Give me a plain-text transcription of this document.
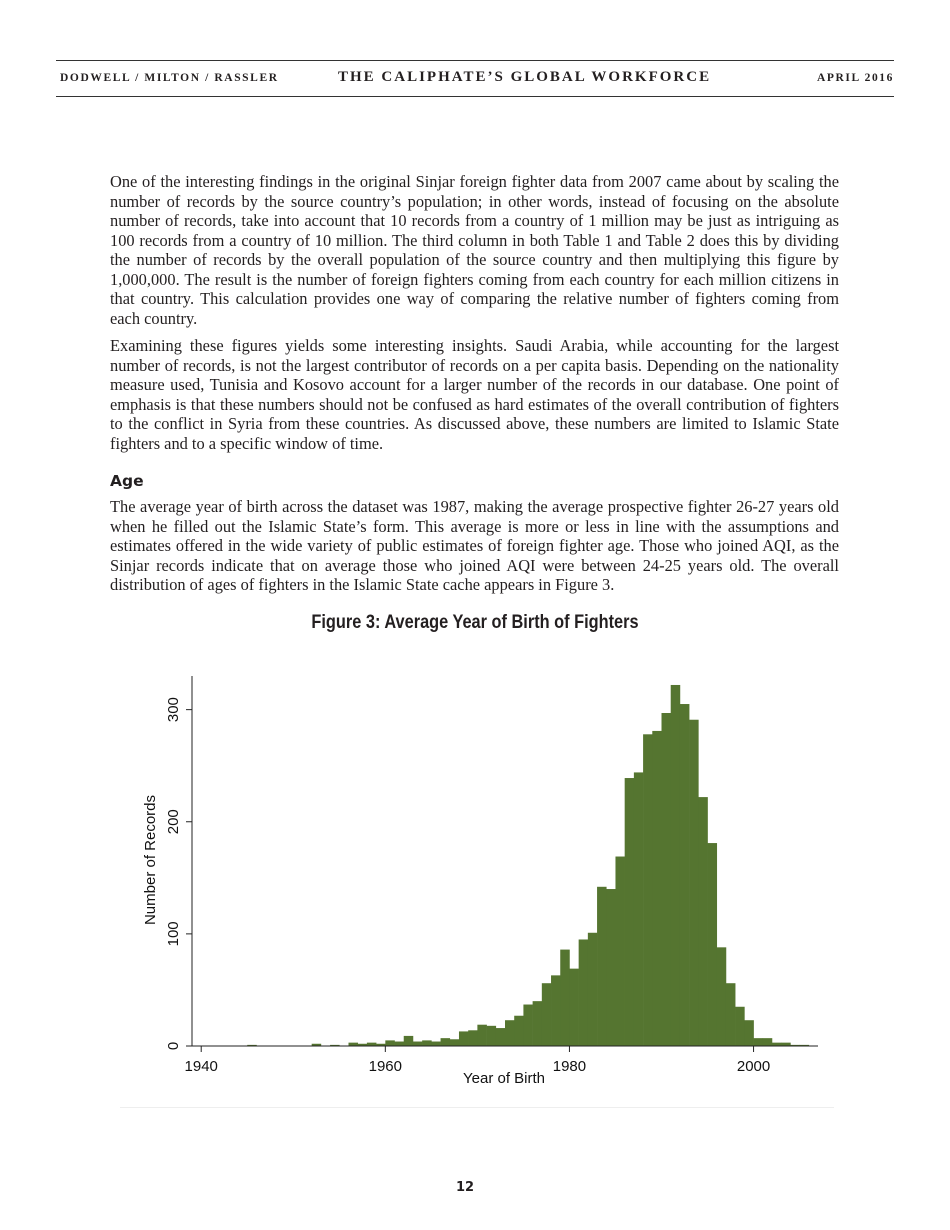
DODWELL / MILTON / RASSLER	THE CALIPHATE’S GLOBAL WORKFORCE	APRIL 2016

One of the interesting findings in the original Sinjar foreign fighter data from 2007 came about by scaling the number of records by the source country’s population; in other words, instead of focusing on the absolute number of records, take into account that 10 records from a country of 1 million may be just as intriguing as 100 records from a country of 10 million. The third column in both Table 1 and Table 2 does this by dividing the number of records by the overall population of the source country and then multiplying this figure by 1,000,000. The result is the number of foreign fighters coming from each country for each million citizens in that country. This calculation provides one way of comparing the relative number of fighters coming from each country.

Examining these figures yields some interesting insights. Saudi Arabia, while accounting for the largest number of records, is not the largest contributor of records on a per capita basis. Depending on the nationality measure used, Tunisia and Kosovo account for a larger number of the records in our database. One point of emphasis is that these numbers should not be confused as hard estimates of the overall contribution of fighters to the conflict in Syria from these countries. As discussed above, these numbers are limited to Islamic State fighters and to a specific window of time.

Age

The average year of birth across the dataset was 1987, making the average prospective fighter 26-27 years old when he filled out the Islamic State’s form. This average is more or less in line with the assumptions and estimates offered in the wide variety of public estimates of foreign fighter age. Those who joined AQI, as the Sinjar records indicate that on average those who joined AQI were between 24-25 years old. The overall distribution of ages of fighters in the Islamic State cache appears in Figure 3.

Figure 3: Average Year of Birth of Fighters
1940	1960	1980	2000
0
100
200
300
Year of Birth
Number of Records
12
